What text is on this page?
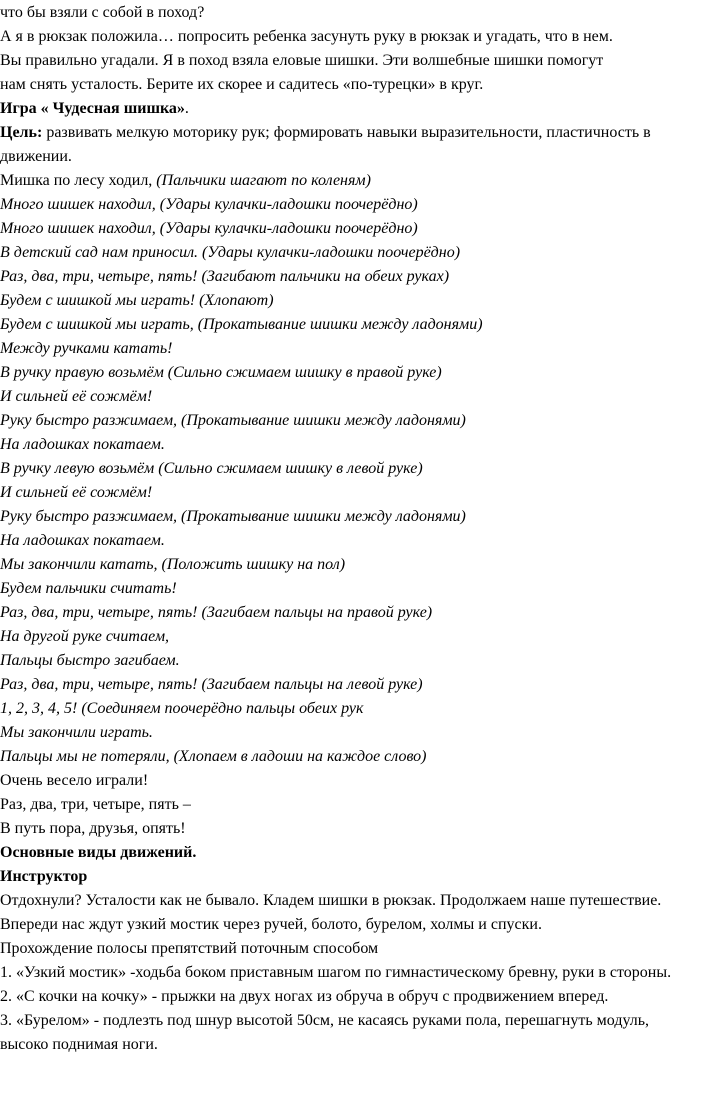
что бы взяли с собой в поход?

А я в рюкзак положила… попросить ребенка засунуть руку в рюкзак и угадать, что в нем.

Вы правильно угадали. Я в поход взяла еловые шишки. Эти волшебные шишки помогут

нам снять усталость. Берите их скорее и садитесь «по-турецки» в круг.

Игра « Чудесная шишка».

Цель: развивать мелкую моторику рук; формировать навыки выразительности, пластичность в движении.

Мишка по лесу ходил, (Пальчики шагают по коленям)

Много шишек находил, (Удары кулачки-ладошки поочерёдно)

Много шишек находил, (Удары кулачки-ладошки поочерёдно)

В детский сад нам приносил. (Удары кулачки-ладошки поочерёдно)

Раз, два, три, четыре, пять! (Загибают пальчики на обеих руках)

Будем с шишкой мы играть! (Хлопают)

Будем с шишкой мы играть, (Прокатывание шишки между ладонями)

Между ручками катать!

В ручку правую возьмём (Сильно сжимаем шишку в правой руке)

И сильней её сожмём!

Руку быстро разжимаем, (Прокатывание шишки между ладонями)

На ладошках покатаем.

В ручку левую возьмём (Сильно сжимаем шишку в левой руке)

И сильней её сожмём!

Руку быстро разжимаем, (Прокатывание шишки между ладонями)

На ладошках покатаем.

Мы закончили катать, (Положить шишку на пол)

Будем пальчики считать!

Раз, два, три, четыре, пять! (Загибаем пальцы на правой руке)

На другой руке считаем,

Пальцы быстро загибаем.

Раз, два, три, четыре, пять! (Загибаем пальцы на левой руке)

1, 2, 3, 4, 5! (Соединяем поочерёдно пальцы обеих рук

Мы закончили играть.

Пальцы мы не потеряли, (Хлопаем в ладоши на каждое слово)

Очень весело играли!

Раз, два, три, четыре, пять –

В путь пора, друзья, опять!

Основные виды движений.

Инструктор

Отдохнули? Усталости как не бывало. Кладем шишки в рюкзак. Продолжаем наше путешествие.

Впереди нас ждут узкий мостик через ручей, болото, бурелом, холмы и спуски.

Прохождение полосы препятствий поточным способом

1. «Узкий мостик» -ходьба боком приставным шагом по гимнастическому бревну, руки в стороны.

2. «С кочки на кочку» - прыжки на двух ногах из обруча в обруч с продвижением вперед.

3. «Бурелом» - подлезть под шнур высотой 50см, не касаясь руками пола, перешагнуть модуль, высоко поднимая ноги.
